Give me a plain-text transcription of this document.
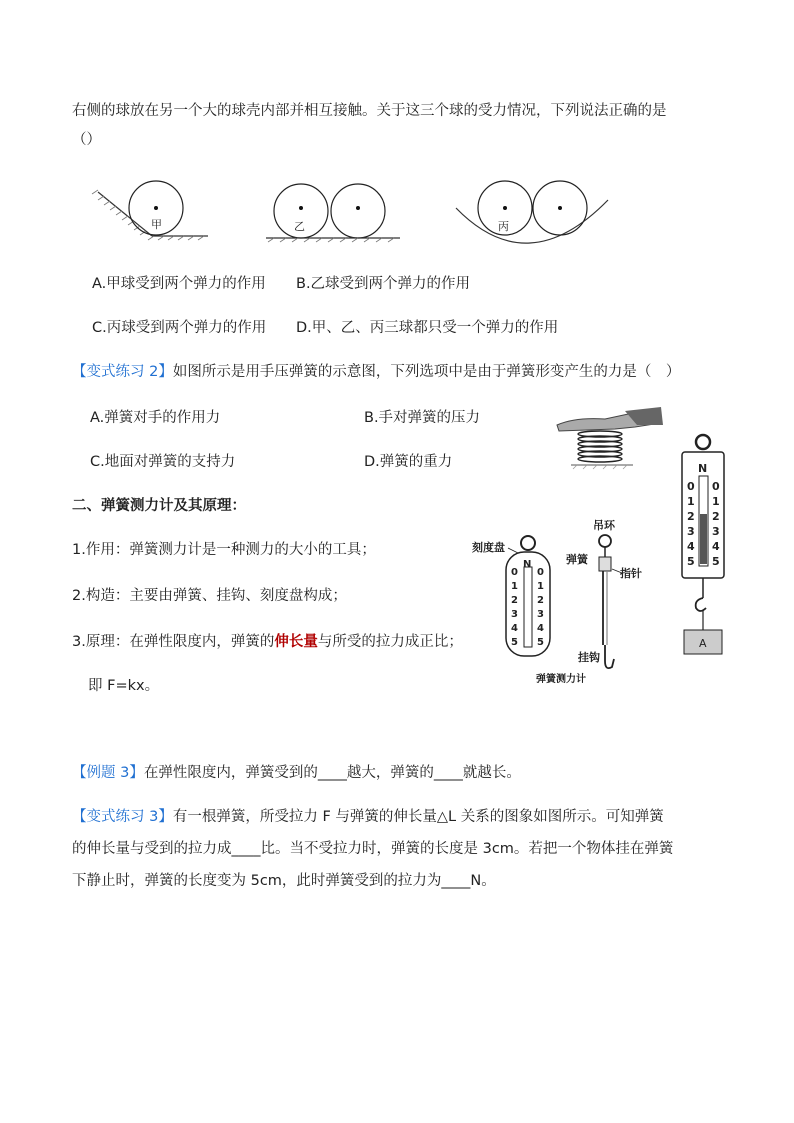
右侧的球放在另一个大的球壳内部并相互接触。关于这三个球的受力情况，下列说法正确的是
（）
甲	乙	丙
A.甲球受到两个弹力的作用 B.乙球受到两个弹力的作用
C.丙球受到两个弹力的作用 D.甲、乙、丙三球都只受一个弹力的作用
【变式练习 2】如图所示是用手压弹簧的示意图，下列选项中是由于弹簧形变产生的力是（　）
A.弹簧对手的作用力	B.手对弹簧的压力
C.地面对弹簧的支持力	D.弹簧的重力
二、弹簧测力计及其原理：
1.作用：弹簧测力计是一种测力的大小的工具；
2.构造：主要由弹簧、挂钩、刻度盘构成；
3.原理：在弹性限度内，弹簧的伸长量与所受的拉力成正比；
即 F=kx。
N
0
1
2
3
4
5
0
1
2
3
4
5
刻度盘
吊环
弹簧
指针
挂钩
弹簧测力计
N
0
1
2
3
4
5
0
1
2
3
4
5
A
【例题 3】在弹性限度内，弹簧受到的____越大，弹簧的____就越长。
【变式练习 3】有一根弹簧，所受拉力 F 与弹簧的伸长量△L 关系的图象如图所示。可知弹簧
的伸长量与受到的拉力成____比。当不受拉力时，弹簧的长度是 3cm。若把一个物体挂在弹簧
下静止时，弹簧的长度变为 5cm，此时弹簧受到的拉力为____N。
